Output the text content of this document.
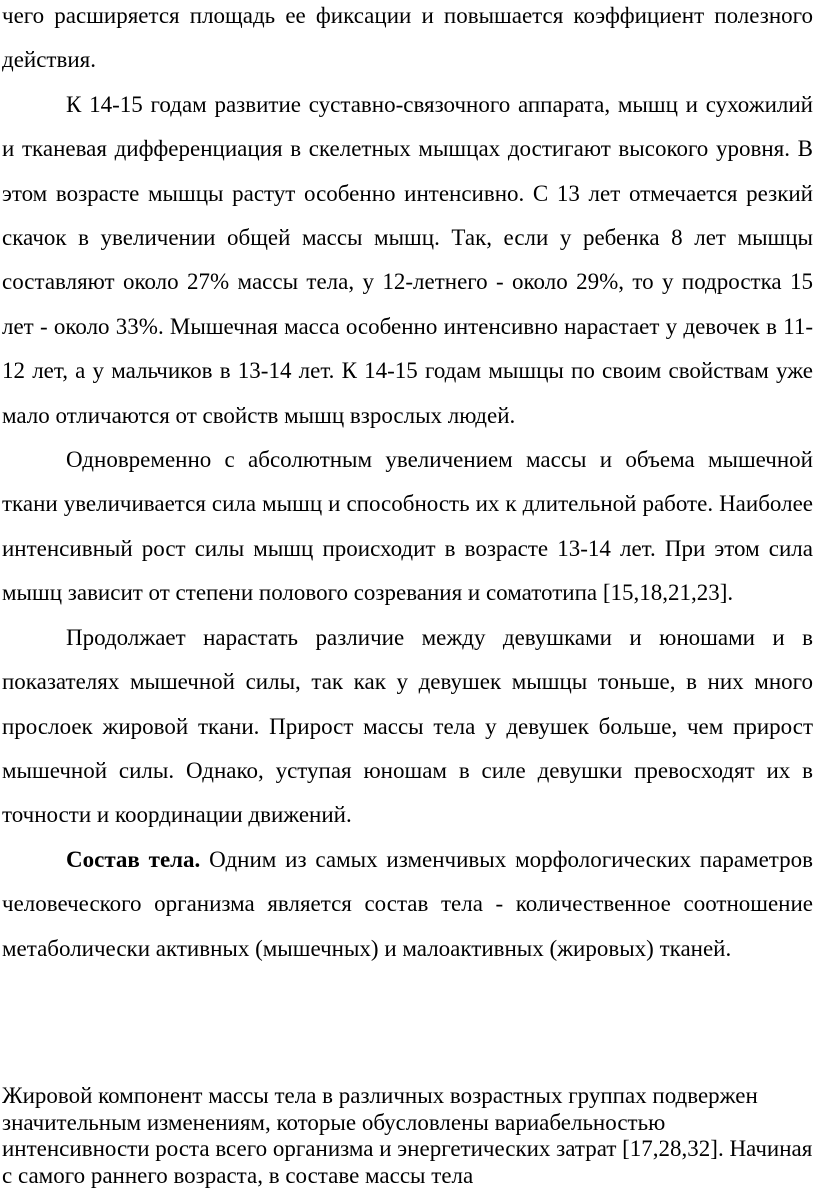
чего расширяется площадь ее фиксации и повышается коэффициент полезного действия.

К 14-15 годам развитие суставно-связочного аппарата, мышц и сухожилий и тканевая дифференциация в скелетных мышцах достигают высокого уровня. В этом возрасте мышцы растут особенно интенсивно. С 13 лет отмечается резкий скачок в увеличении общей массы мышц. Так, если у ребенка 8 лет мышцы составляют около 27% массы тела, у 12-летнего - около 29%, то у подростка 15 лет - около 33%. Мышечная масса особенно интенсивно нарастает у девочек в 11-12 лет, а у мальчиков в 13-14 лет. К 14-15 годам мышцы по своим свойствам уже мало отличаются от свойств мышц взрослых людей.

Одновременно с абсолютным увеличением массы и объема мышечной ткани увеличивается сила мышц и способность их к длительной работе. Наиболее интенсивный рост силы мышц происходит в возрасте 13-14 лет. При этом сила мышц зависит от степени полового созревания и соматотипа [15,18,21,23].

Продолжает нарастать различие между девушками и юношами и в показателях мышечной силы, так как у девушек мышцы тоньше, в них много прослоек жировой ткани. Прирост массы тела у девушек больше, чем прирост мышечной силы. Однако, уступая юношам в силе девушки превосходят их в точности и координации движений.

Состав тела. Одним из самых изменчивых морфологических параметров человеческого организма является состав тела - количественное соотношение метаболически активных (мышечных) и малоактивных (жировых) тканей.

Жировой компонент массы тела в различных возрастных группах подвержен значительным изменениям, которые обусловлены вариабельностью интенсивности роста всего организма и энергетических затрат [17,28,32]. Начиная с самого раннего возраста, в составе массы тела
